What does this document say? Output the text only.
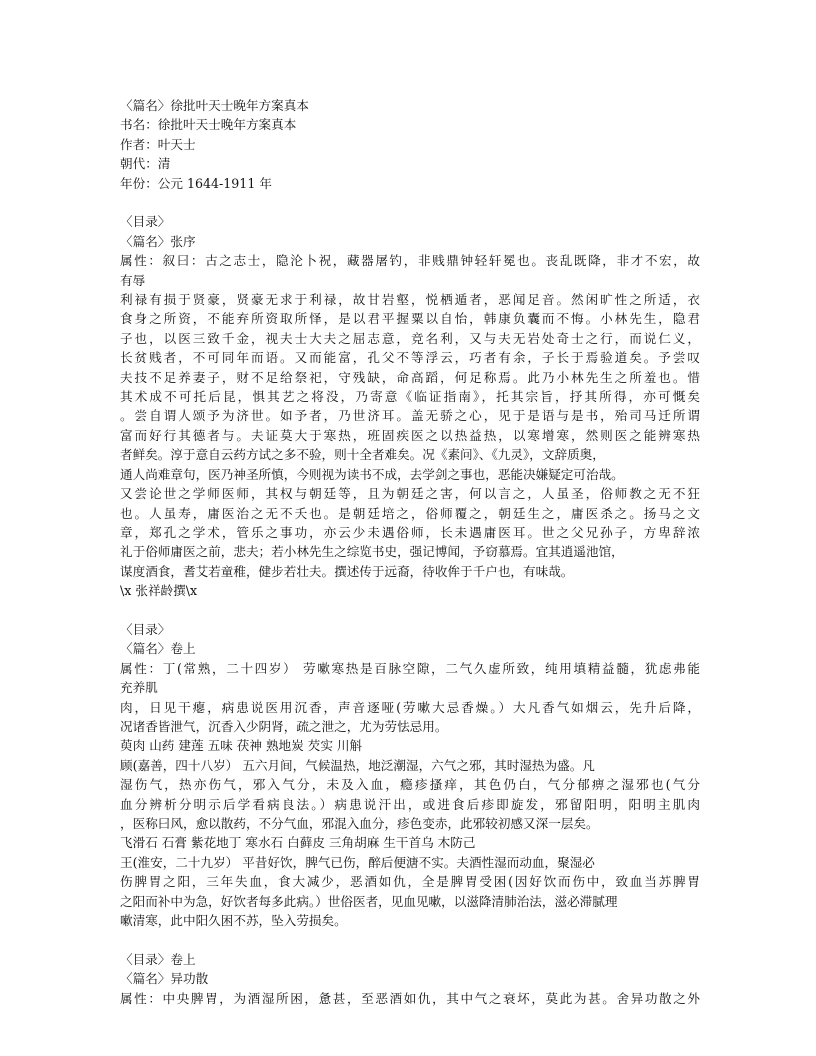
〈篇名〉徐批叶天士晚年方案真本
书名：徐批叶天士晚年方案真本
作者：叶天士
朝代：清
年份：公元 1644-1911 年
〈目录〉
〈篇名〉张序
属性：叙曰：古之志士，隐沦卜祝，藏器屠钓，非贱鼎钟轻轩冕也。丧乱既降，非才不宏，故
有辱
利禄有损于贤豪，贤豪无求于利禄，故甘岩壑，悦栖遁者，恶闻足音。然闲旷性之所适，衣
食身之所资，不能弃所资取所怿，是以君平握粟以自怡，韩康负囊而不悔。小林先生，隐君
子也，以医三致千金，视夫士大夫之屈志意，竞名利，又与夫无岩处奇士之行，而说仁义，
长贫贱者，不可同年而语。又而能富，孔父不等浮云，巧者有余，子长于焉验道矣。予尝叹
夫技不足养妻子，财不足给祭祀，守残缺，命高蹈，何足称焉。此乃小林先生之所羞也。惜
其术成不可托后昆，惧其艺之将没，乃寄意《临证指南》，托其宗旨，抒其所得，亦可慨矣
。尝自谓人颂予为济世。如予者，乃世济耳。盖无骄之心，见于是语与是书，殆司马迁所谓
富而好行其德者与。夫证莫大于寒热，班固疾医之以热益热，以寒增寒，然则医之能辨寒热
者鲜矣。淳于意自云药方试之多不验，则十全者难矣。况《素问》、《九灵》，文辞质奥，
通人尚难章句，医乃神圣所慎，今则视为读书不成，去学剑之事也，恶能决嫌疑定可治哉。
又尝论世之学师医师，其权与朝廷等，且为朝廷之害，何以言之，人虽圣，俗师教之无不狂
也。人虽寿，庸医治之无不夭也。是朝廷培之，俗师覆之，朝廷生之，庸医杀之。扬马之文
章，郑孔之学术，管乐之事功，亦云少未遇俗师，长未遇庸医耳。世之父兄孙子，方卑辞浓
礼于俗师庸医之前，悲夫；若小林先生之综览书史，强记博闻，予窃慕焉。宜其逍遥池馆，
谋度酒食，耆艾若童稚，健步若壮夫。撰述传于远裔，待收侔于千户也，有味哉。
\x 张祥龄撰\x
〈目录〉
〈篇名〉卷上
属性：丁(常熟，二十四岁） 劳嗽寒热是百脉空隙，二气久虚所致，纯用填精益髓，犹虑弗能
充养肌
肉，日见干瘪，病患说医用沉香，声音逐哑(劳嗽大忌香燥。）大凡香气如烟云，先升后降，
况诸香皆泄气，沉香入少阴肾，疏之泄之，尤为劳怯忌用。
萸肉 山药 建莲 五味 茯神 熟地炭 芡实 川斛
顾(嘉善，四十八岁） 五六月间，气候温热，地泛潮湿，六气之邪，其时湿热为盛。凡
湿伤气，热亦伤气，邪入气分，未及入血，瘾疹搔痒，其色仍白，气分郁痹之湿邪也(气分
血分辨析分明示后学看病良法。）病患说汗出，或进食后疹即旋发，邪留阳明，阳明主肌肉
，医称曰风，愈以散药，不分气血，邪混入血分，疹色变赤，此邪较初感又深一层矣。
飞滑石 石膏 紫花地丁 寒水石 白藓皮 三角胡麻 生干首乌 木防己
王(淮安，二十九岁） 平昔好饮，脾气已伤，醉后便溏不实。夫酒性湿而动血，聚湿必
伤脾胃之阳，三年失血，食大减少，恶酒如仇，全是脾胃受困(因好饮而伤中，致血当苏脾胃
之阳而补中为急，好饮者每多此病。）世俗医者，见血见嗽，以滋降清肺治法，滋必滞腻理
嗽清寒，此中阳久困不苏，坠入劳损矣。
〈目录〉卷上
〈篇名〉异功散
属性：中央脾胃，为酒湿所困，惫甚，至恶酒如仇，其中气之衰坏，莫此为甚。舍异功散之外
